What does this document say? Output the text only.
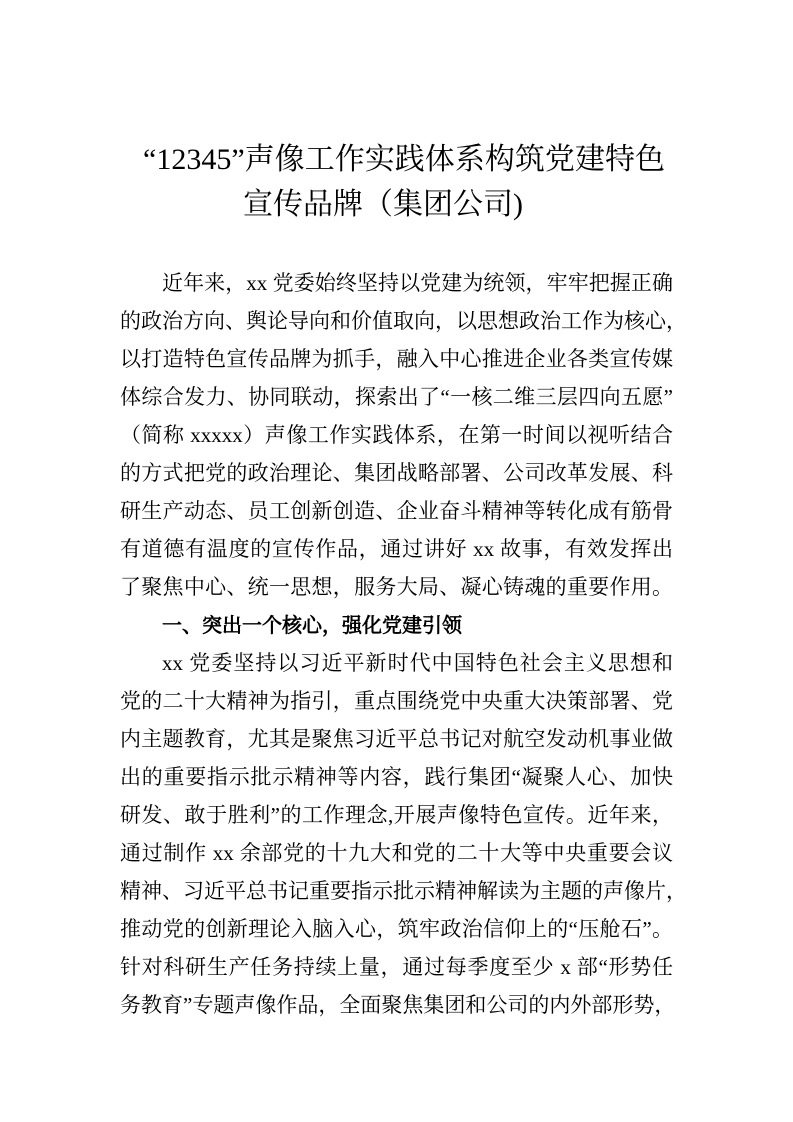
“12345”声像工作实践体系构筑党建特色
宣传品牌（集团公司)
近年来，xx 党委始终坚持以党建为统领，牢牢把握正确
的政治方向、舆论导向和价值取向，以思想政治工作为核心，
以打造特色宣传品牌为抓手，融入中心推进企业各类宣传媒
体综合发力、协同联动，探索出了“一核二维三层四向五愿”
（简称 xxxxx）声像工作实践体系，在第一时间以视听结合
的方式把党的政治理论、集团战略部署、公司改革发展、科
研生产动态、员工创新创造、企业奋斗精神等转化成有筋骨
有道德有温度的宣传作品，通过讲好 xx 故事，有效发挥出
了聚焦中心、统一思想，服务大局、凝心铸魂的重要作用。
一、突出一个核心，强化党建引领
xx 党委坚持以习近平新时代中国特色社会主义思想和
党的二十大精神为指引，重点围绕党中央重大决策部署、党
内主题教育，尤其是聚焦习近平总书记对航空发动机事业做
出的重要指示批示精神等内容，践行集团“凝聚人心、加快
研发、敢于胜利”的工作理念,开展声像特色宣传。近年来，
通过制作 xx 余部党的十九大和党的二十大等中央重要会议
精神、习近平总书记重要指示批示精神解读为主题的声像片，
推动党的创新理论入脑入心，筑牢政治信仰上的“压舱石”。
针对科研生产任务持续上量，通过每季度至少 x 部“形势任
务教育”专题声像作品，全面聚焦集团和公司的内外部形势，
